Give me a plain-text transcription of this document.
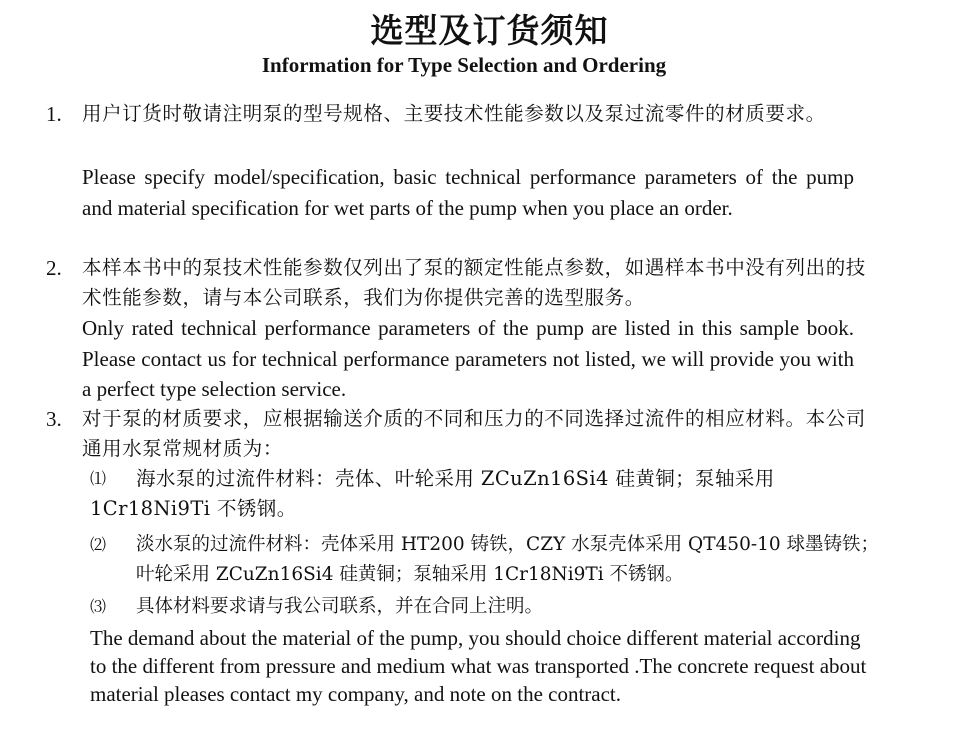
选型及订货须知
Information for Type Selection and Ordering
1. 用户订货时敬请注明泵的型号规格、主要技术性能参数以及泵过流零件的材质要求。
Please specify model/specification, basic technical performance parameters of the pump and material specification for wet parts of the pump when you place an order.
2. 本样本书中的泵技术性能参数仅列出了泵的额定性能点参数，如遇样本书中没有列出的技术性能参数，请与本公司联系，我们为你提供完善的选型服务。
Only rated technical performance parameters of the pump are listed in this sample book. Please contact us for technical performance parameters not listed, we will provide you with a perfect type selection service.
3. 对于泵的材质要求，应根据输送介质的不同和压力的不同选择过流件的相应材料。本公司通用水泵常规材质为：
⑴	海水泵的过流件材料：壳体、叶轮采用 ZCuZn16Si4 硅黄铜；泵轴采用 1Cr18Ni9Ti 不锈钢。
⑵ 淡水泵的过流件材料：壳体采用 HT200 铸铁，CZY 水泵壳体采用 QT450-10 球墨铸铁；叶轮采用 ZCuZn16Si4 硅黄铜；泵轴采用 1Cr18Ni9Ti 不锈钢。
⑶ 具体材料要求请与我公司联系，并在合同上注明。
The demand about the material of the pump, you should choice different material according to the different from pressure and medium what was transported .The concrete request about material pleases contact my company, and note on the contract.
